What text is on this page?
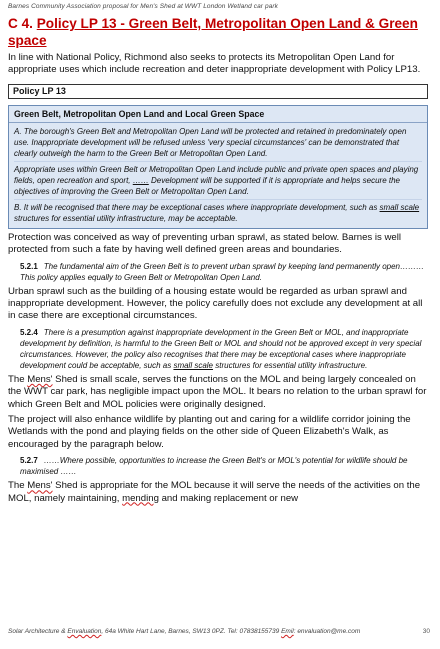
Barnes Community Association proposal for Men's Shed at WWT London Wetland car park
C 4. Policy LP 13 - Green Belt, Metropolitan Open Land & Green space

In line with National Policy, Richmond also seeks to protects its Metropolitan Open Land for appropriate uses which include recreation and deter inappropriate development with Policy LP13.

Policy LP 13
Green Belt, Metropolitan Open Land and Local Green Space

A. The borough's Green Belt and Metropolitan Open Land will be protected and retained in predominately open use. Inappropriate development will be refused unless 'very special circumstances' can be demonstrated that clearly outweigh the harm to the Green Belt or Metropolitan Open Land.

Appropriate uses within Green Belt or Metropolitan Open Land include public and private open spaces and playing fields, open recreation and sport, …… Development will be supported if it is appropriate and helps secure the objectives of improving the Green Belt or Metropolitan Open Land.

B. It will be recognised that there may be exceptional cases where inappropriate development, such as small scale structures for essential utility infrastructure, may be acceptable.

Protection was conceived as way of preventing urban sprawl, as stated below. Barnes is well protected from such a fate by having well defined green areas and boundaries.

5.2.1 The fundamental aim of the Green Belt is to prevent urban sprawl by keeping land permanently open………This policy applies equally to Green Belt or Metropolitan Open Land.

Urban sprawl such as the building of a housing estate would be regarded as urban sprawl and inappropriate development. However, the policy carefully does not exclude any development at all in case there are exceptional circumstances.

5.2.4 There is a presumption against inappropriate development in the Green Belt or MOL, and inappropriate development by definition, is harmful to the Green Belt or MOL and should not be approved except in very special circumstances. However, the policy also recognises that there may be exceptional cases where inappropriate development could be acceptable, such as small scale structures for essential utility infrastructure.

The Mens' Shed is small scale, serves the functions on the MOL and being largely concealed on the WWT car park, has negligible impact upon the MOL. It bears no relation to the urban sprawl for which Green Belt and MOL policies were originally designed.

The project will also enhance wildlife by planting out and caring for a wildlife corridor joining the Wetlands with the pond and playing fields on the other side of Queen Elizabeth's Walk, as encouraged by the paragraph below.

5.2.7 ……Where possible, opportunities to increase the Green Belt's or MOL's potential for wildlife should be maximised ……

The Mens' Shed is appropriate for the MOL because it will serve the needs of the activities on the MOL, namely maintaining, mending and making replacement or new

Solar Architecture & Envaluation, 64a White Hart Lane, Barnes, SW13 0PZ. Tel: 07838155739 Emil: envaluation@me.com	30
